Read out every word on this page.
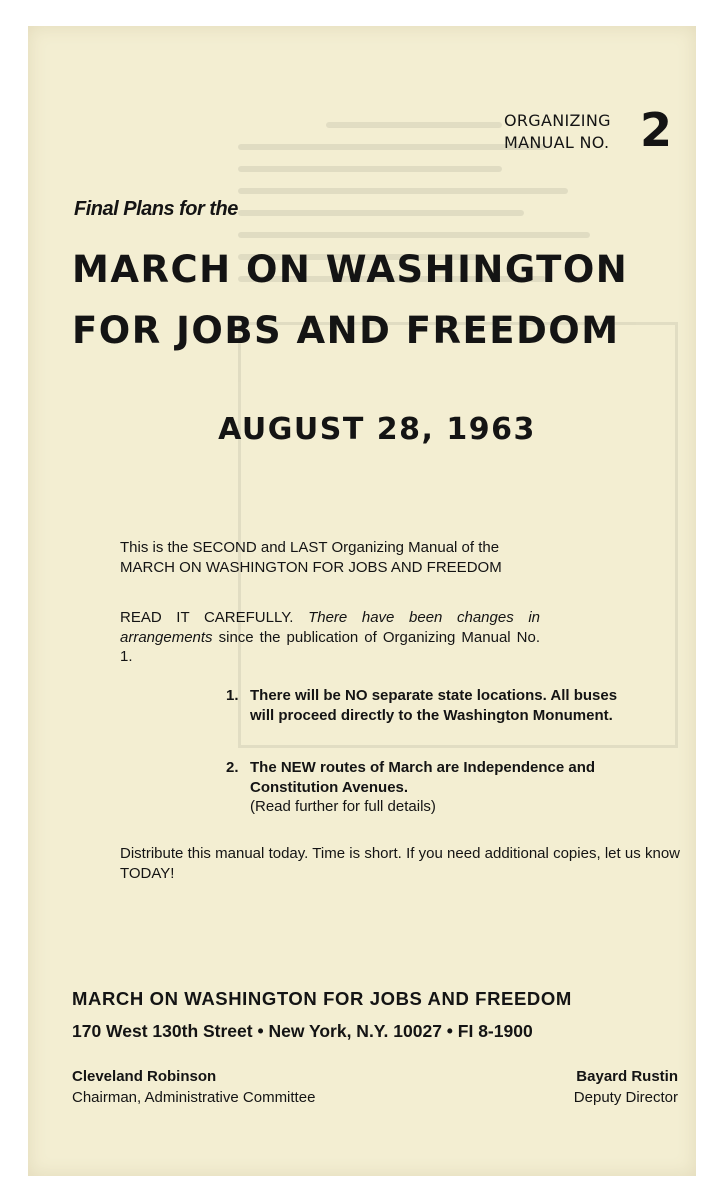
ORGANIZING
MANUAL NO. 2
Final Plans for the
MARCH ON WASHINGTON
FOR JOBS AND FREEDOM
AUGUST 28, 1963
This is the SECOND and LAST Organizing Manual of the MARCH ON WASHINGTON FOR JOBS AND FREEDOM
READ IT CAREFULLY. There have been changes in arrangements since the publication of Organizing Manual No. 1.
1. There will be NO separate state locations. All buses will proceed directly to the Washington Monument.
2. The NEW routes of March are Independence and Constitution Avenues.
(Read further for full details)
Distribute this manual today. Time is short. If you need additional copies, let us know TODAY!
MARCH ON WASHINGTON FOR JOBS AND FREEDOM
170 West 130th Street • New York, N.Y. 10027 • FI 8-1900
Cleveland Robinson
Chairman, Administrative Committee
Bayard Rustin
Deputy Director
